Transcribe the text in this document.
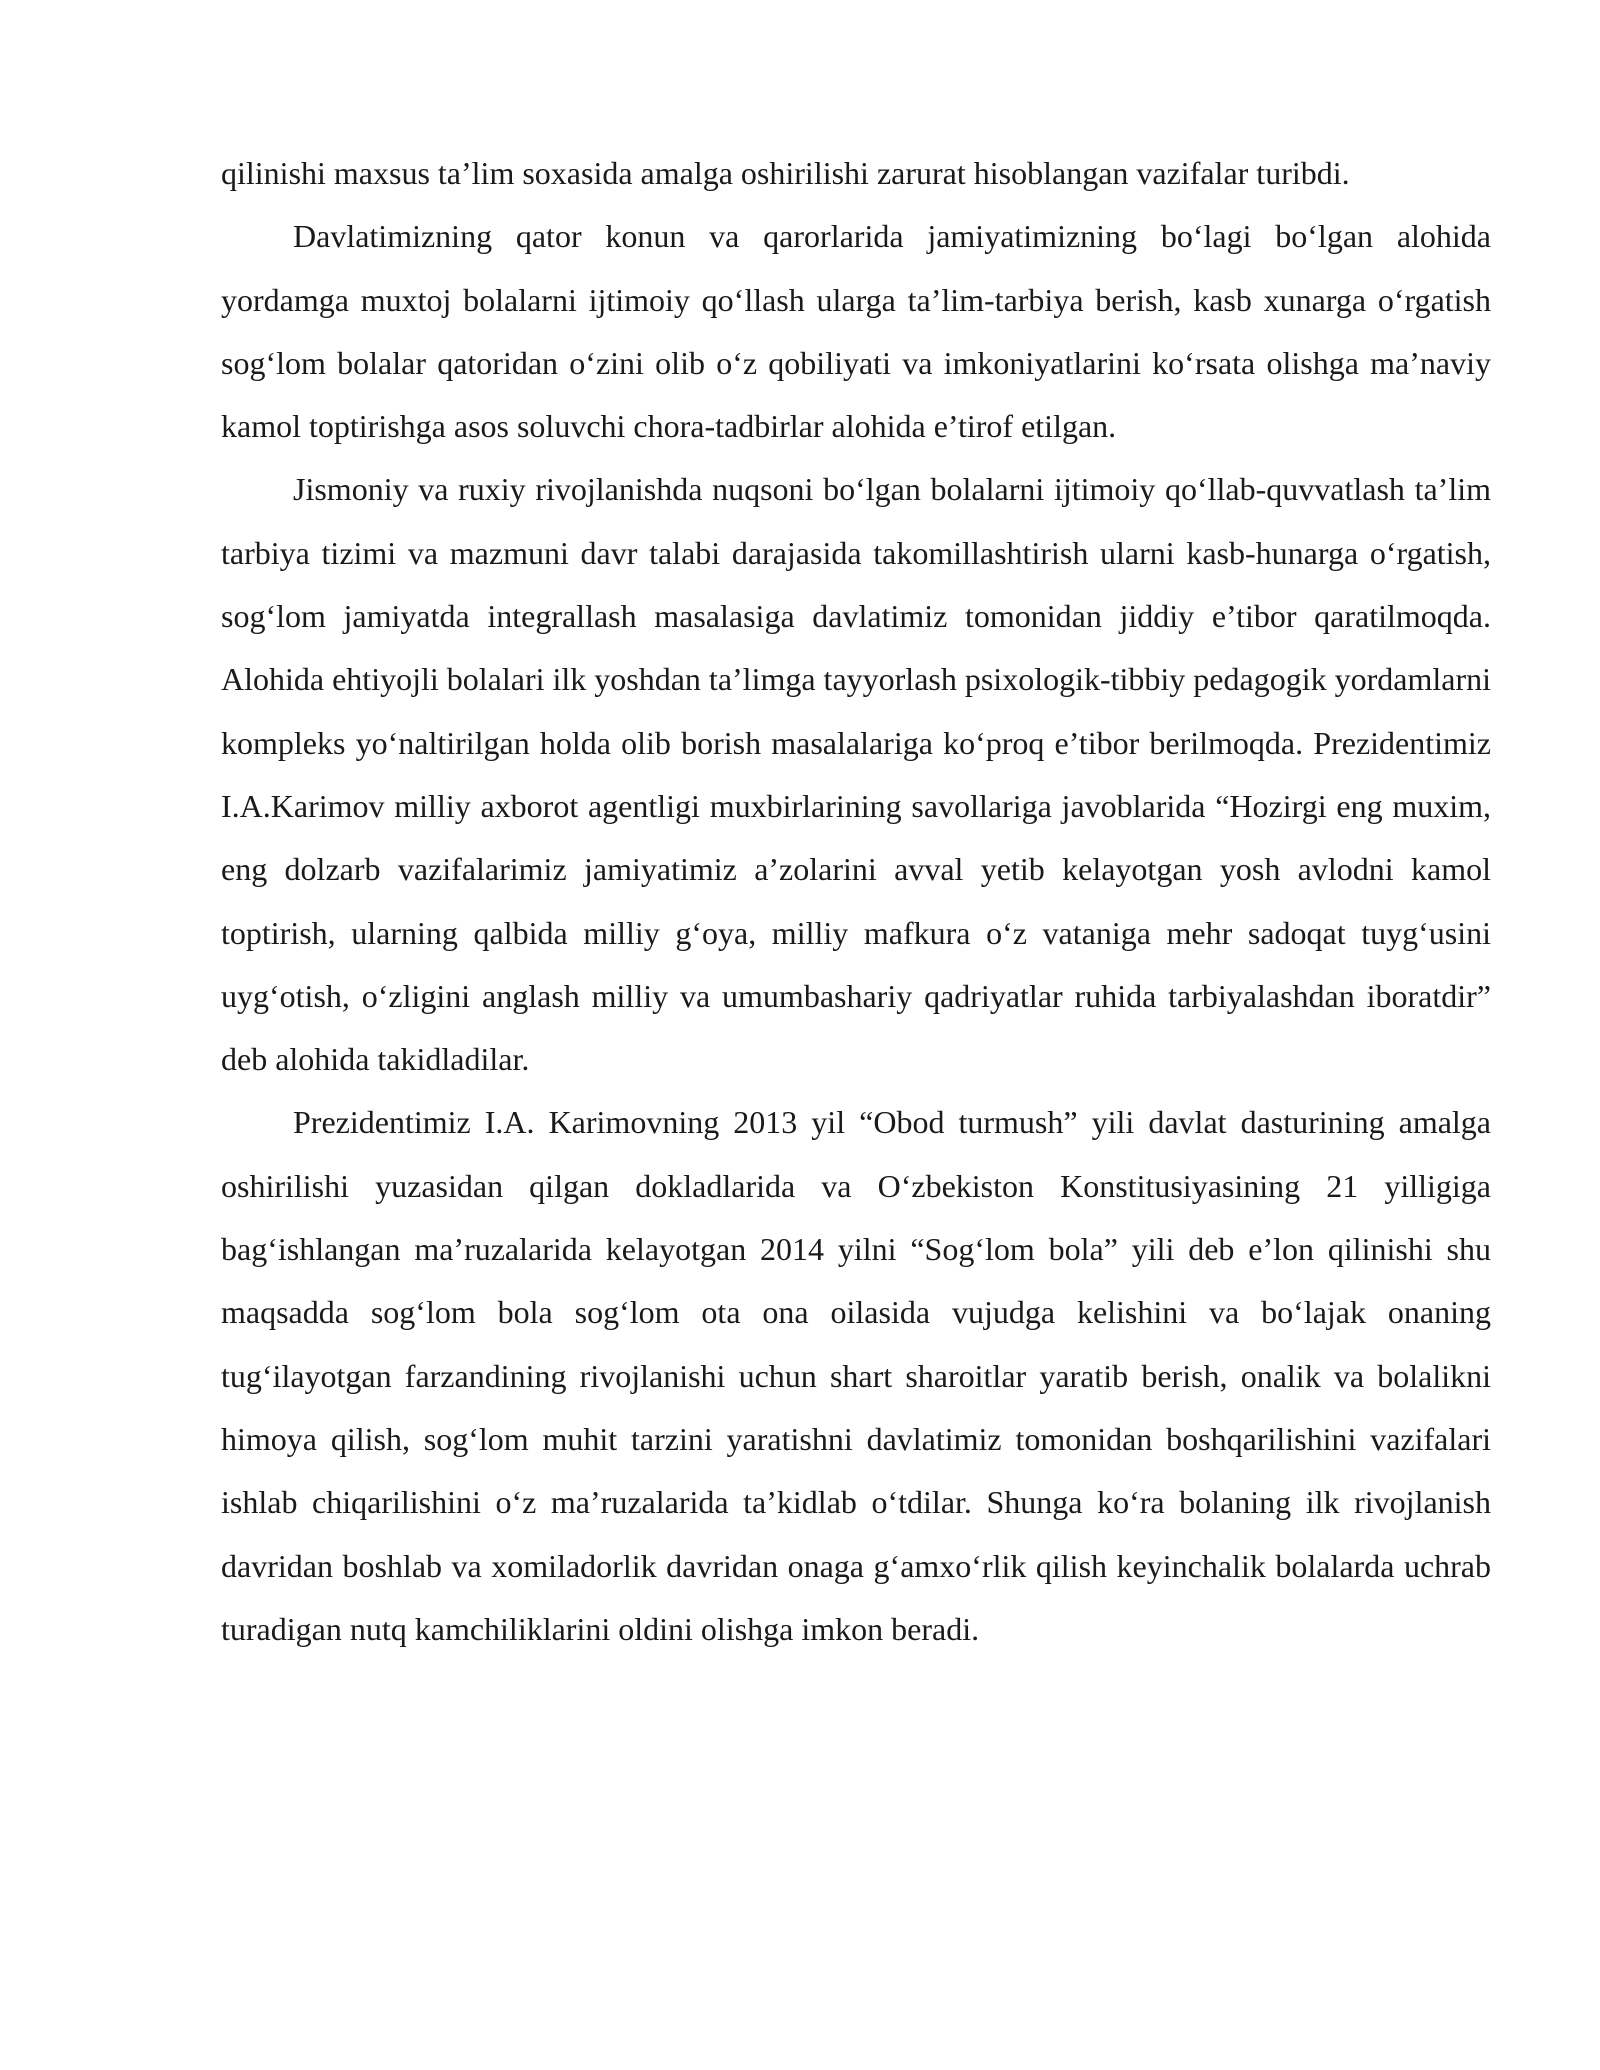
qilinishi maxsus ta’lim soxasida amalga oshirilishi zarurat hisoblangan vazifalar turibdi.

Davlatimizning qator konun va qarorlarida jamiyatimizning bo‘lagi bo‘lgan alohida yordamga muxtoj bolalarni ijtimoiy qo‘llash ularga ta’lim-tarbiya berish, kasb xunarga o‘rgatish sog‘lom bolalar qatoridan o‘zini olib o‘z qobiliyati va imkoniyatlarini ko‘rsata olishga ma’naviy kamol toptirishga asos soluvchi chora-tadbirlar alohida e’tirof etilgan.

Jismoniy va ruxiy rivojlanishda nuqsoni bo‘lgan bolalarni ijtimoiy qo‘llab-quvvatlash ta’lim tarbiya tizimi va mazmuni davr talabi darajasida takomillashtirish ularni kasb-hunarga o‘rgatish, sog‘lom jamiyatda integrallash masalasiga davlatimiz tomonidan jiddiy e’tibor qaratilmoqda. Alohida ehtiyojli bolalari ilk yoshdan ta’limga tayyorlash psixologik-tibbiy pedagogik yordamlarni kompleks yo‘naltirilgan holda olib borish masalalariga ko‘proq e’tibor berilmoqda. Prezidentimiz I.A.Karimov milliy axborot agentligi muxbirlarining savollariga javoblarida “Hozirgi eng muxim, eng dolzarb vazifalarimiz jamiyatimiz a’zolarini avval yetib kelayotgan yosh avlodni kamol toptirish, ularning qalbida milliy g‘oya, milliy mafkura o‘z vataniga mehr sadoqat tuyg‘usini uyg‘otish, o‘zligini anglash milliy va umumbashariy qadriyatlar ruhida tarbiyalashdan iboratdir” deb alohida takidladilar.

Prezidentimiz I.A. Karimovning 2013 yil “Obod turmush” yili davlat dasturining amalga oshirilishi yuzasidan qilgan dokladlarida va O‘zbekiston Konstitusiyasining 21 yilligiga bag‘ishlangan ma’ruzalarida kelayotgan 2014 yilni “Sog‘lom bola” yili deb e’lon qilinishi shu maqsadda sog‘lom bola sog‘lom ota ona oilasida vujudga kelishini va bo‘lajak onaning tug‘ilayotgan farzandining rivojlanishi uchun shart sharoitlar yaratib berish, onalik va bolalikni himoya qilish, sog‘lom muhit tarzini yaratishni davlatimiz tomonidan boshqarilishini vazifalari ishlab chiqarilishini o‘z ma’ruzalarida ta’kidlab o‘tdilar. Shunga ko‘ra bolaning ilk rivojlanish davridan boshlab va xomiladorlik davridan onaga g‘amxo‘rlik qilish keyinchalik bolalarda uchrab turadigan nutq kamchiliklarini oldini olishga imkon beradi.
